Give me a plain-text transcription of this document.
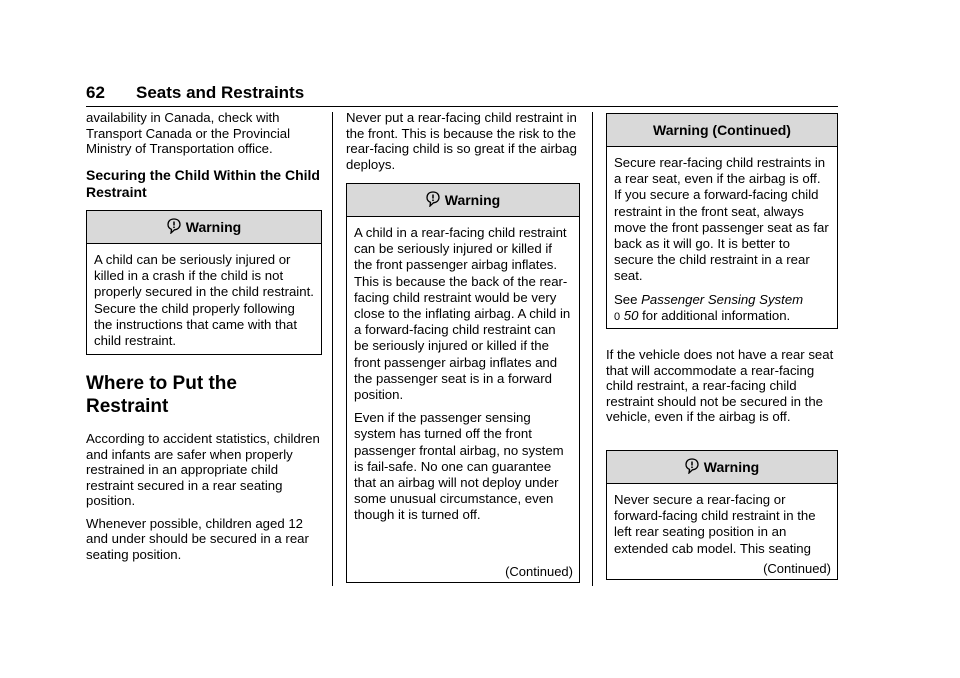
62 Seats and Restraints

availability in Canada, check with Transport Canada or the Provincial Ministry of Transportation office.

Securing the Child Within the Child Restraint
Warning

A child can be seriously injured or killed in a crash if the child is not properly secured in the child restraint. Secure the child properly following the instructions that came with that child restraint.

Where to Put the Restraint

According to accident statistics, children and infants are safer when properly restrained in an appropriate child restraint secured in a rear seating position.

Whenever possible, children aged 12 and under should be secured in a rear seating position.

Never put a rear-facing child restraint in the front. This is because the risk to the rear-facing child is so great if the airbag deploys.

Warning

A child in a rear-facing child restraint can be seriously injured or killed if the front passenger airbag inflates. This is because the back of the rear-facing child restraint would be very close to the inflating airbag. A child in a forward-facing child restraint can be seriously injured or killed if the front passenger airbag inflates and the passenger seat is in a forward position.

Even if the passenger sensing system has turned off the front passenger frontal airbag, no system is fail-safe. No one can guarantee that an airbag will not deploy under some unusual circumstance, even though it is turned off.

(Continued)
Warning (Continued)

Secure rear-facing child restraints in a rear seat, even if the airbag is off. If you secure a forward-facing child restraint in the front seat, always move the front passenger seat as far back as it will go. It is better to secure the child restraint in a rear seat.

See Passenger Sensing System
0 50 for additional information.

If the vehicle does not have a rear seat that will accommodate a rear-facing child restraint, a rear-facing child restraint should not be secured in the vehicle, even if the airbag is off.

Warning

Never secure a rear-facing or forward-facing child restraint in the left rear seating position in an extended cab model. This seating

(Continued)
